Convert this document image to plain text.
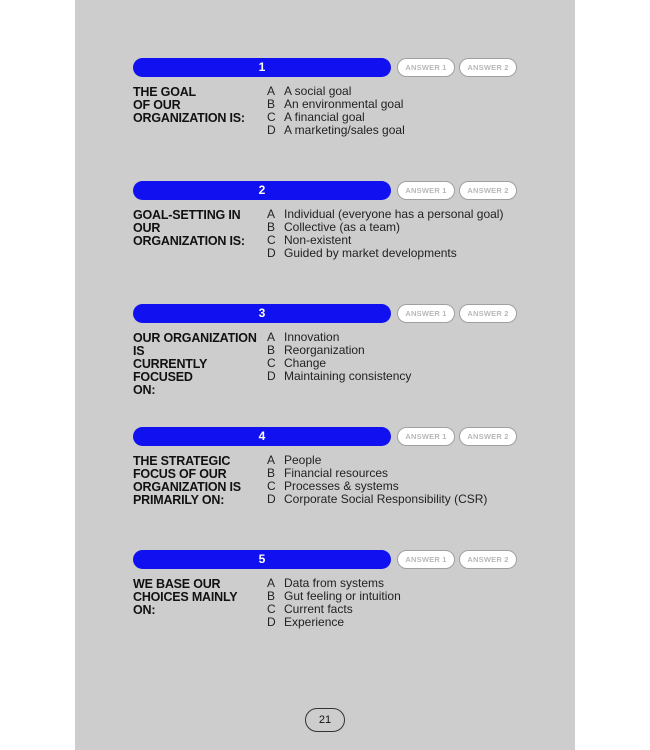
1	ANSWER 1	ANSWER 2
THE GOAL
OF OUR
ORGANIZATION IS:
A A social goal
B An environmental goal
C A financial goal
D A marketing/sales goal
2	ANSWER 1	ANSWER 2
GOAL-SETTING IN OUR
ORGANIZATION IS:
A Individual (everyone has a personal goal)
B Collective (as a team)
C Non-existent
D Guided by market developments
3	ANSWER 1	ANSWER 2
OUR ORGANIZATION IS
CURRENTLY FOCUSED
ON:
A Innovation
B Reorganization
C Change
D Maintaining consistency
4	ANSWER 1	ANSWER 2
THE STRATEGIC
FOCUS OF OUR
ORGANIZATION IS
PRIMARILY ON:
A People
B Financial resources
C Processes & systems
D Corporate Social Responsibility (CSR)
5	ANSWER 1	ANSWER 2
WE BASE OUR
CHOICES MAINLY ON:
A Data from systems
B Gut feeling or intuition
C Current facts
D Experience
21
